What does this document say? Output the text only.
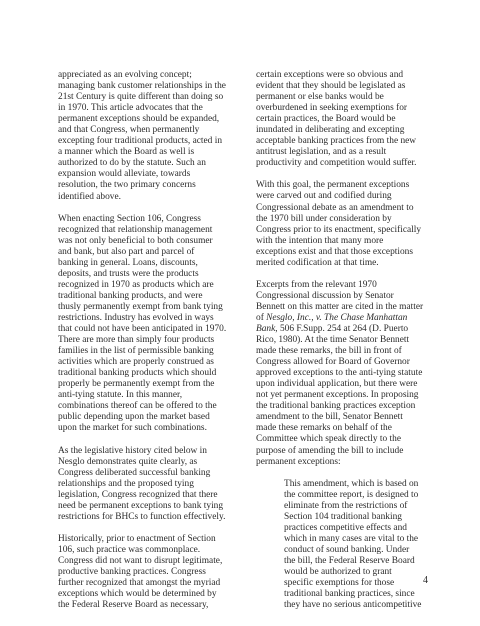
appreciated as an evolving concept;
managing bank customer relationships in the
21st Century is quite different than doing so
in 1970. This article advocates that the
permanent exceptions should be expanded,
and that Congress, when permanently
excepting four traditional products, acted in
a manner which the Board as well is
authorized to do by the statute. Such an
expansion would alleviate, towards
resolution, the two primary concerns
identified above.

When enacting Section 106, Congress
recognized that relationship management
was not only beneficial to both consumer
and bank, but also part and parcel of
banking in general. Loans, discounts,
deposits, and trusts were the products
recognized in 1970 as products which are
traditional banking products, and were
thusly permanently exempt from bank tying
restrictions. Industry has evolved in ways
that could not have been anticipated in 1970.
There are more than simply four products
families in the list of permissible banking
activities which are properly construed as
traditional banking products which should
properly be permanently exempt from the
anti-tying statute. In this manner,
combinations thereof can be offered to the
public depending upon the market based
upon the market for such combinations.

As the legislative history cited below in
Nesglo demonstrates quite clearly, as
Congress deliberated successful banking
relationships and the proposed tying
legislation, Congress recognized that there
need be permanent exceptions to bank tying
restrictions for BHCs to function effectively.

Historically, prior to enactment of Section
106, such practice was commonplace.
Congress did not want to disrupt legitimate,
productive banking practices. Congress
further recognized that amongst the myriad
exceptions which would be determined by
the Federal Reserve Board as necessary,

certain exceptions were so obvious and
evident that they should be legislated as
permanent or else banks would be
overburdened in seeking exemptions for
certain practices, the Board would be
inundated in deliberating and excepting
acceptable banking practices from the new
antitrust legislation, and as a result
productivity and competition would suffer.

With this goal, the permanent exceptions
were carved out and codified during
Congressional debate as an amendment to
the 1970 bill under consideration by
Congress prior to its enactment, specifically
with the intention that many more
exceptions exist and that those exceptions
merited codification at that time.

Excerpts from the relevant 1970
Congressional discussion by Senator
Bennett on this matter are cited in the matter
of Nesglo, Inc., v. The Chase Manhattan
Bank, 506 F.Supp. 254 at 264 (D. Puerto
Rico, 1980). At the time Senator Bennett
made these remarks, the bill in front of
Congress allowed for Board of Governor
approved exceptions to the anti-tying statute
upon individual application, but there were
not yet permanent exceptions. In proposing
the traditional banking practices exception
amendment to the bill, Senator Bennett
made these remarks on behalf of the
Committee which speak directly to the
purpose of amending the bill to include
permanent exceptions:

This amendment, which is based on
the committee report, is designed to
eliminate from the restrictions of
Section 104 traditional banking
practices competitive effects and
which in many cases are vital to the
conduct of sound banking. Under
the bill, the Federal Reserve Board
would be authorized to grant
specific exemptions for those
traditional banking practices, since
they have no serious anticompetitive

4
